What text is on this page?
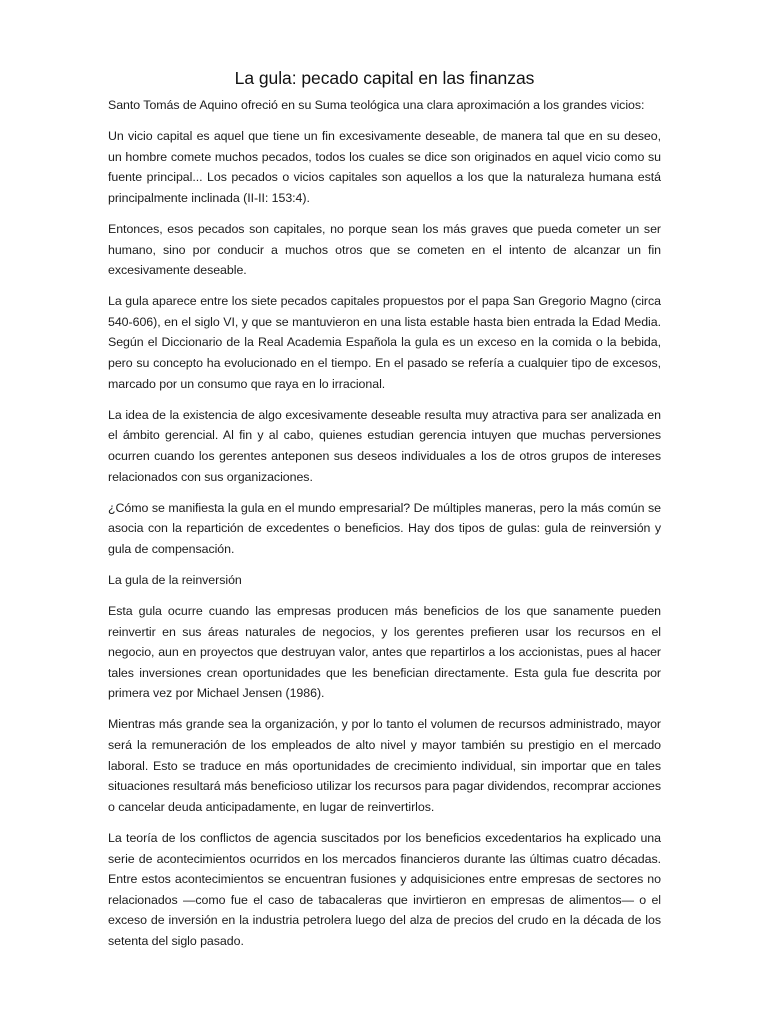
La gula: pecado capital en las finanzas

Santo Tomás de Aquino ofreció en su Suma teológica una clara aproximación a los grandes vicios:

Un vicio capital es aquel que tiene un fin excesivamente deseable, de manera tal que en su deseo, un hombre comete muchos pecados, todos los cuales se dice son originados en aquel vicio como su fuente principal... Los pecados o vicios capitales son aquellos a los que la naturaleza humana está principalmente inclinada (II-II: 153:4).

Entonces, esos pecados son capitales, no porque sean los más graves que pueda cometer un ser humano, sino por conducir a muchos otros que se cometen en el intento de alcanzar un fin excesivamente deseable.

La gula aparece entre los siete pecados capitales propuestos por el papa San Gregorio Magno (circa 540-606), en el siglo VI, y que se mantuvieron en una lista estable hasta bien entrada la Edad Media. Según el Diccionario de la Real Academia Española la gula es un exceso en la comida o la bebida, pero su concepto ha evolucionado en el tiempo. En el pasado se refería a cualquier tipo de excesos, marcado por un consumo que raya en lo irracional.

La idea de la existencia de algo excesivamente deseable resulta muy atractiva para ser analizada en el ámbito gerencial. Al fin y al cabo, quienes estudian gerencia intuyen que muchas perversiones ocurren cuando los gerentes anteponen sus deseos individuales a los de otros grupos de intereses relacionados con sus organizaciones.

¿Cómo se manifiesta la gula en el mundo empresarial? De múltiples maneras, pero la más común se asocia con la repartición de excedentes o beneficios. Hay dos tipos de gulas: gula de reinversión y gula de compensación.

La gula de la reinversión

Esta gula ocurre cuando las empresas producen más beneficios de los que sanamente pueden reinvertir en sus áreas naturales de negocios, y los gerentes prefieren usar los recursos en el negocio, aun en proyectos que destruyan valor, antes que repartirlos a los accionistas, pues al hacer tales inversiones crean oportunidades que les benefician directamente. Esta gula fue descrita por primera vez por Michael Jensen (1986).

Mientras más grande sea la organización, y por lo tanto el volumen de recursos administrado, mayor será la remuneración de los empleados de alto nivel y mayor también su prestigio en el mercado laboral. Esto se traduce en más oportunidades de crecimiento individual, sin importar que en tales situaciones resultará más beneficioso utilizar los recursos para pagar dividendos, recomprar acciones o cancelar deuda anticipadamente, en lugar de reinvertirlos.

La teoría de los conflictos de agencia suscitados por los beneficios excedentarios ha explicado una serie de acontecimientos ocurridos en los mercados financieros durante las últimas cuatro décadas. Entre estos acontecimientos se encuentran fusiones y adquisiciones entre empresas de sectores no relacionados —como fue el caso de tabacaleras que invirtieron en empresas de alimentos— o el exceso de inversión en la industria petrolera luego del alza de precios del crudo en la década de los setenta del siglo pasado.
